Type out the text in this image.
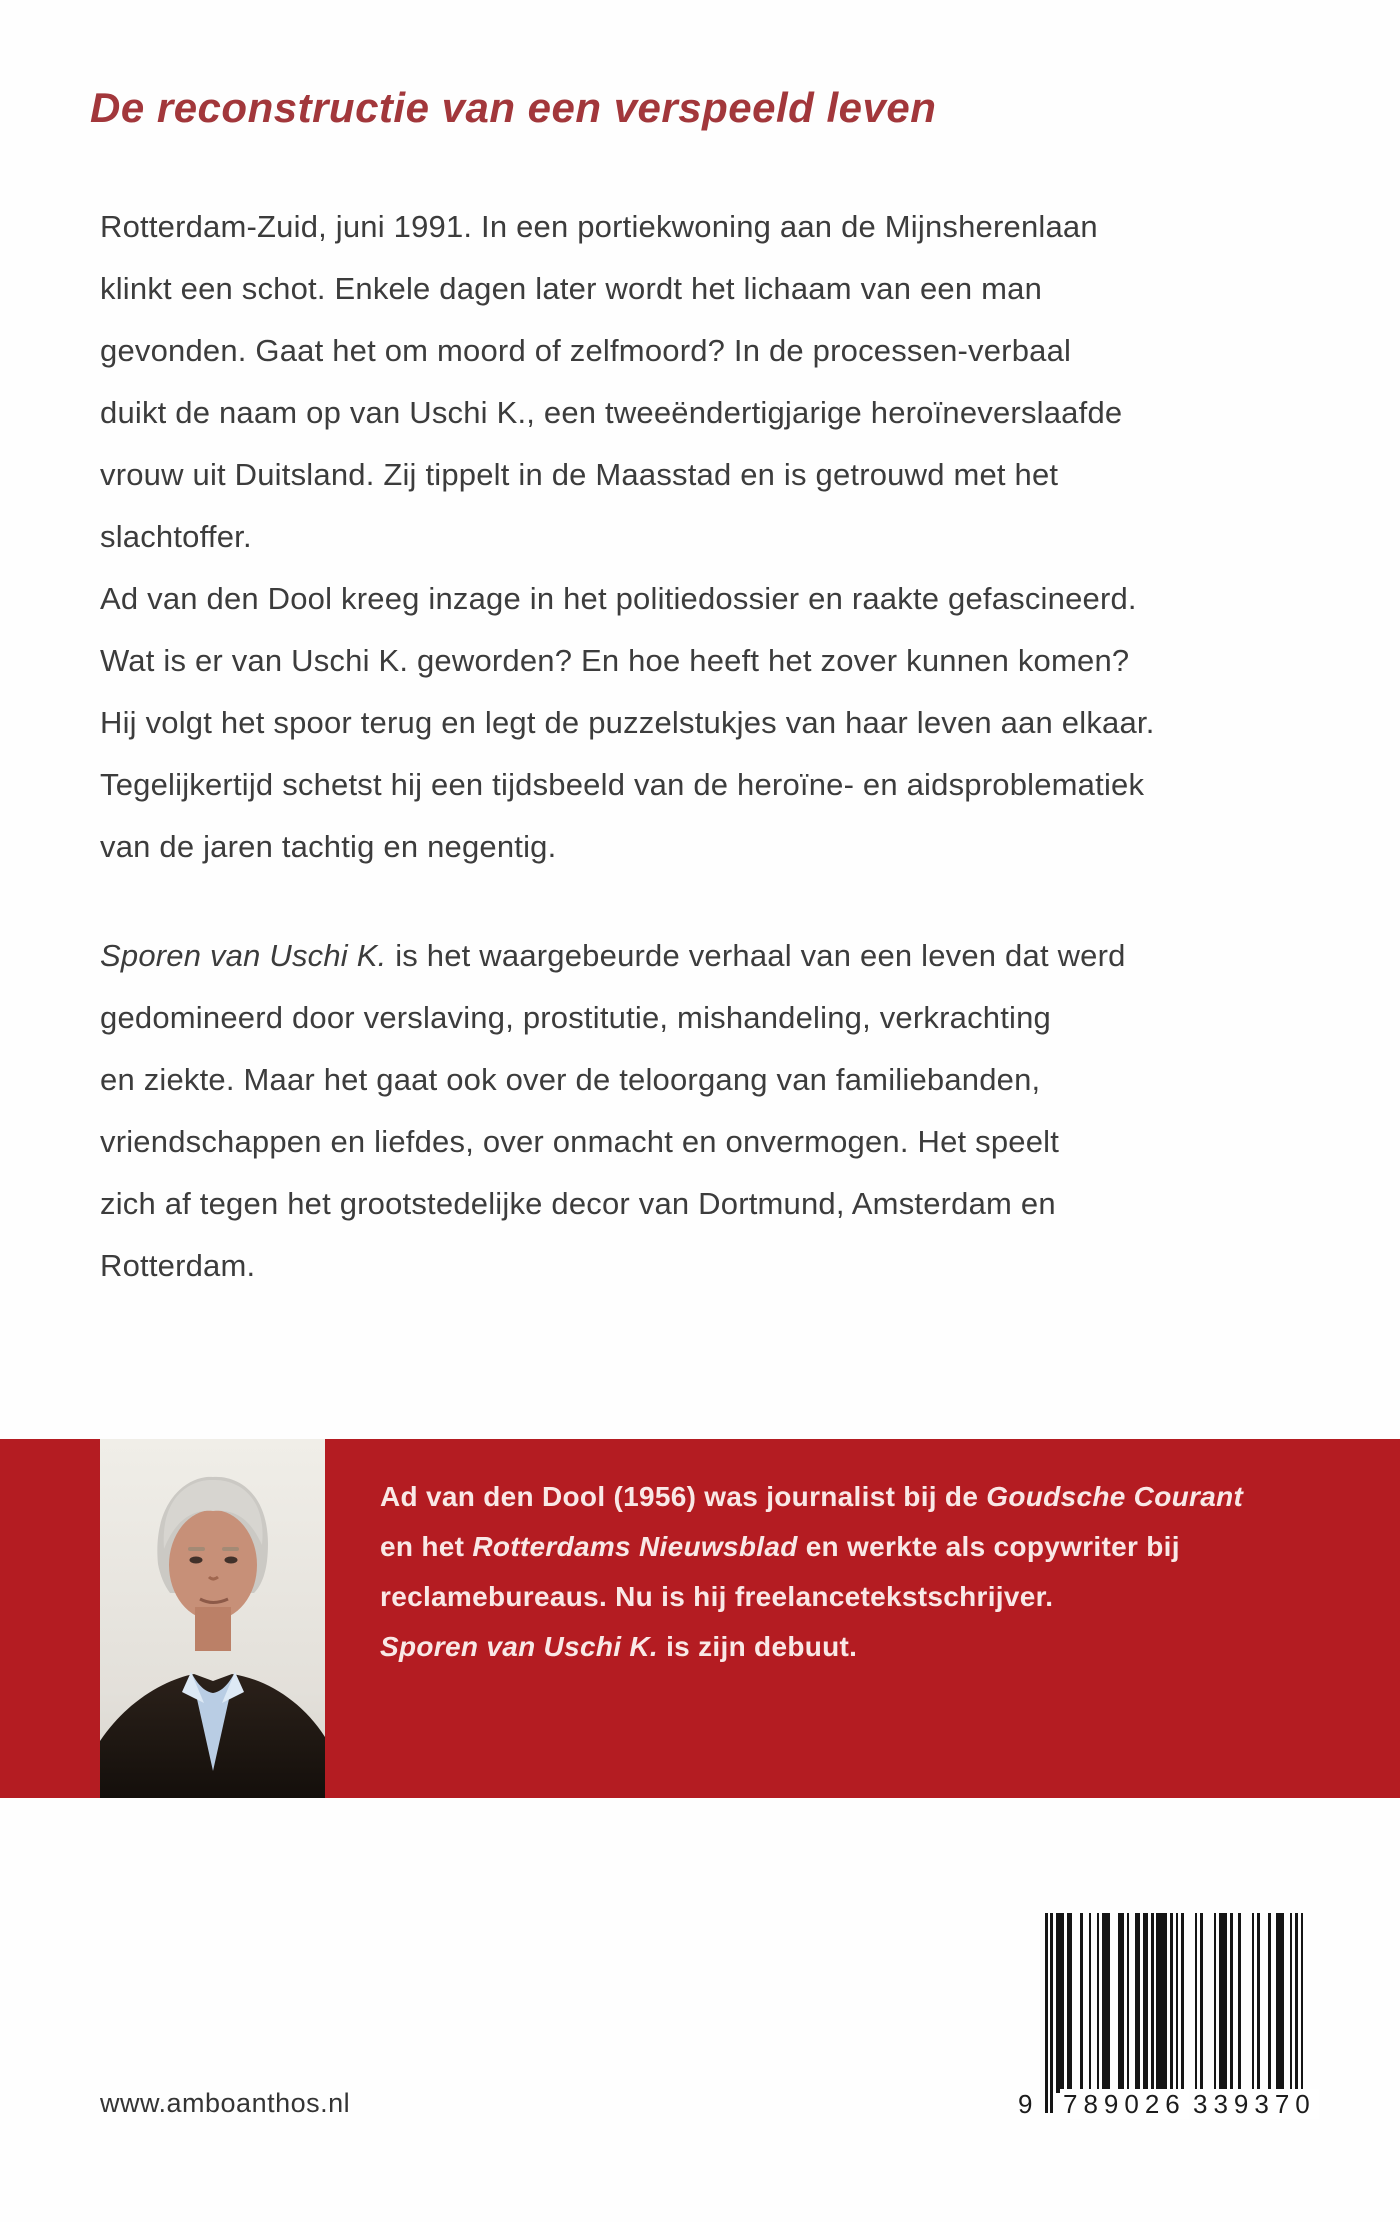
De reconstructie van een verspeeld leven
Rotterdam-Zuid, juni 1991. In een portiekwoning aan de Mijnsherenlaan
klinkt een schot. Enkele dagen later wordt het lichaam van een man
gevonden. Gaat het om moord of zelfmoord? In de processen-verbaal
duikt de naam op van Uschi K., een tweeëndertigjarige heroïneverslaafde
vrouw uit Duitsland. Zij tippelt in de Maasstad en is getrouwd met het
slachtoffer.
Ad van den Dool kreeg inzage in het politiedossier en raakte gefascineerd.
Wat is er van Uschi K. geworden? En hoe heeft het zover kunnen komen?
Hij volgt het spoor terug en legt de puzzelstukjes van haar leven aan elkaar.
Tegelijkertijd schetst hij een tijdsbeeld van de heroïne- en aidsproblematiek
van de jaren tachtig en negentig.
Sporen van Uschi K. is het waargebeurde verhaal van een leven dat werd
gedomineerd door verslaving, prostitutie, mishandeling, verkrachting
en ziekte. Maar het gaat ook over de teloorgang van familiebanden,
vriendschappen en liefdes, over onmacht en onvermogen. Het speelt
zich af tegen het grootstedelijke decor van Dortmund, Amsterdam en
Rotterdam.
Ad van den Dool (1956) was journalist bij de Goudsche Courant
en het Rotterdams Nieuwsblad en werkte als copywriter bij
reclamebureaus. Nu is hij freelancetekstschrijver.
Sporen van Uschi K. is zijn debuut.
www.amboanthos.nl	9 789026 339370
